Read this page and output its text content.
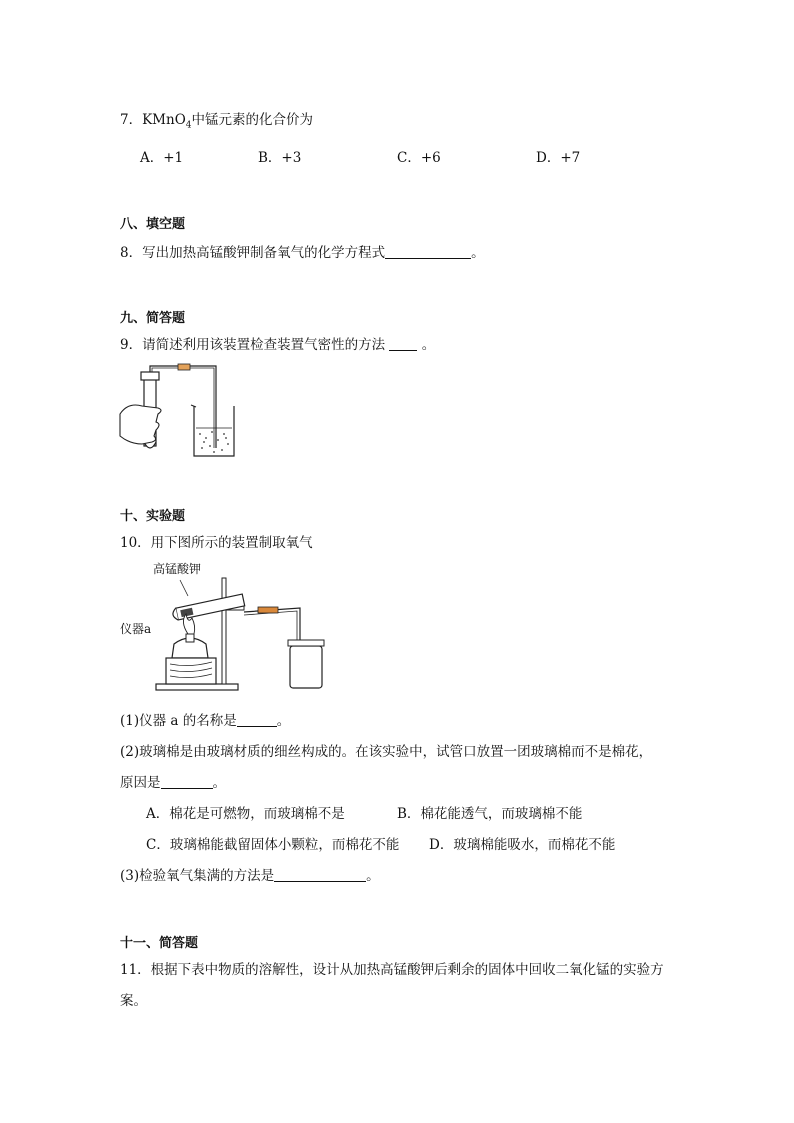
7．KMnO$_4$中锰元素的化合价为
A．+1	B．+3	C．+6	D．+7
八、填空题
8．写出加热高锰酸钾制备氧气的化学方程式	。
九、简答题
9．请简述利用该装置检查装置气密性的方法	。
十、实验题
10．用下图所示的装置制取氧气
高锰酸钾
仪器a
(1)仪器 a 的名称是	。
(2)玻璃棉是由玻璃材质的细丝构成的。在该实验中，试管口放置一团玻璃棉而不是棉花，
原因是	。
A．棉花是可燃物，而玻璃棉不是	B．棉花能透气，而玻璃棉不能
C．玻璃棉能截留固体小颗粒，而棉花不能 D．玻璃棉能吸水，而棉花不能
(3)检验氧气集满的方法是	。
十一、简答题
11．根据下表中物质的溶解性，设计从加热高锰酸钾后剩余的固体中回收二氧化锰的实验方
案。
